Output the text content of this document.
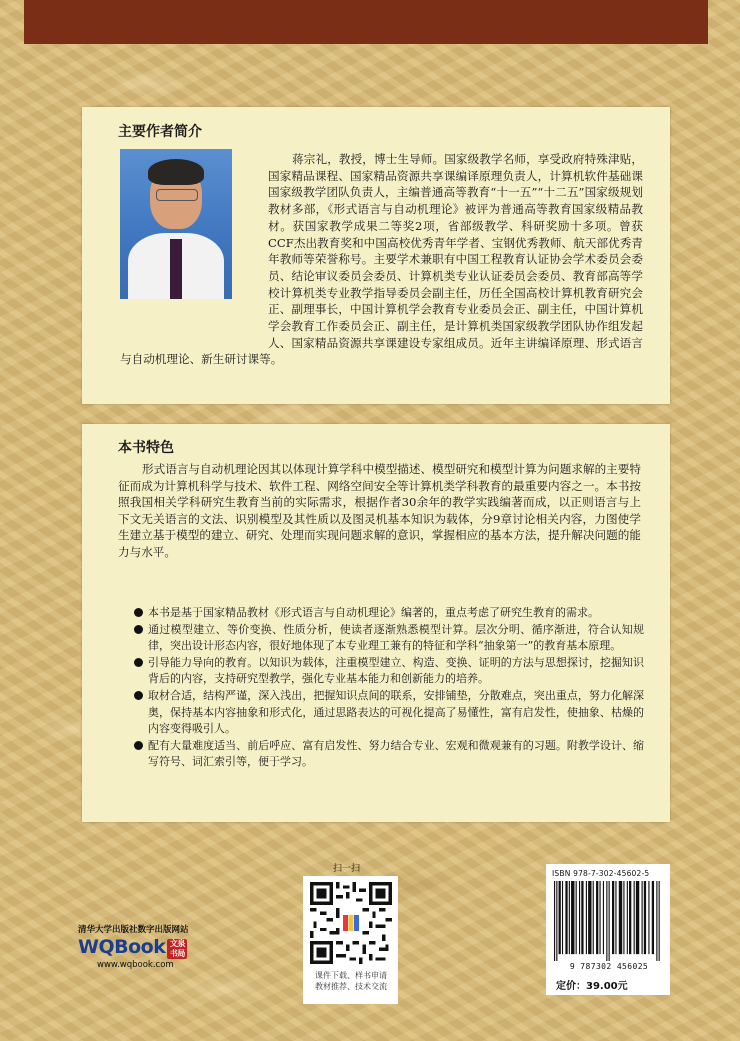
主要作者简介

蒋宗礼，教授，博士生导师。国家级教学名师，享受政府特殊津贴，国家精品课程、国家精品资源共享课编译原理负责人，计算机软件基础课国家级教学团队负责人，主编普通高等教育“十一五”“十二五”国家级规划教材多部，《形式语言与自动机理论》被评为普通高等教育国家级精品教材。获国家教学成果二等奖2项，省部级教学、科研奖励十多项。曾获CCF杰出教育奖和中国高校优秀青年学者、宝钢优秀教师、航天部优秀青年教师等荣誉称号。主要学术兼职有中国工程教育认证协会学术委员会委员、结论审议委员会委员、计算机类专业认证委员会委员、教育部高等学校计算机类专业教学指导委员会副主任，历任全国高校计算机教育研究会正、副理事长，中国计算机学会教育专业委员会正、副主任，中国计算机学会教育工作委员会正、副主任，是计算机类国家级教学团队协作组发起人、国家精品资源共享课建设专家组成员。近年主讲编译原理、形式语言与自动机理论、新生研讨课等。

本书特色

形式语言与自动机理论因其以体现计算学科中模型描述、模型研究和模型计算为问题求解的主要特征而成为计算机科学与技术、软件工程、网络空间安全等计算机类学科教育的最重要内容之一。本书按照我国相关学科研究生教育当前的实际需求，根据作者30余年的教学实践编著而成，以正则语言与上下文无关语言的文法、识别模型及其性质以及图灵机基本知识为载体，分9章讨论相关内容，力图使学生建立基于模型的建立、研究、处理而实现问题求解的意识，掌握相应的基本方法，提升解决问题的能力与水平。

本书是基于国家精品教材《形式语言与自动机理论》编著的，重点考虑了研究生教育的需求。
通过模型建立、等价变换、性质分析，使读者逐渐熟悉模型计算。层次分明、循序渐进，符合认知规律，突出设计形态内容，很好地体现了本专业理工兼有的特征和学科“抽象第一”的教育基本原理。
引导能力导向的教育。以知识为载体，注重模型建立、构造、变换、证明的方法与思想探讨，挖掘知识背后的内容，支持研究型教学，强化专业基本能力和创新能力的培养。
取材合适，结构严谨，深入浅出，把握知识点间的联系，安排铺垫，分散难点，突出重点，努力化解深奥，保持基本内容抽象和形式化，通过思路表达的可视化提高了易懂性，富有启发性，使抽象、枯燥的内容变得吸引人。
配有大量难度适当、前后呼应、富有启发性、努力结合专业、宏观和微观兼有的习题。附教学设计、缩写符号、词汇索引等，便于学习。
清华大学出版社数字出版网站
WQBook 文泉
书局
www.wqbook.com
扫一扫
课件下载、样书申请
教材推荐、技术交流
ISBN 978-7-302-45602-5
9 787302 456025
定价：39.00元
